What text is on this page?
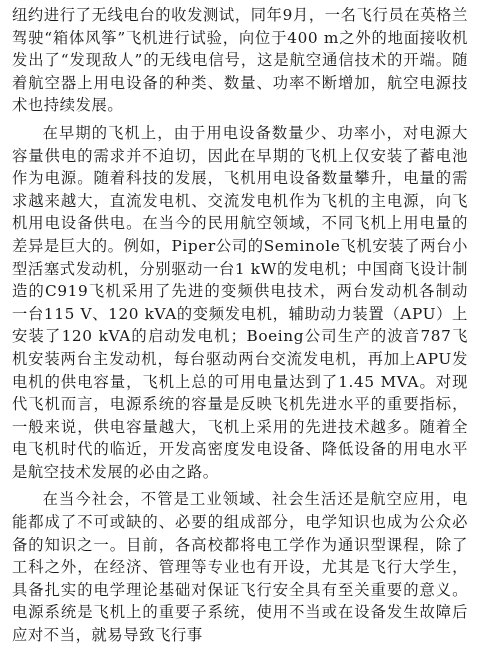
纽约进行了无线电台的收发测试，同年9月，一名飞行员在英格兰驾驶“箱体风筝”飞机进行试验，向位于400 m之外的地面接收机发出了“发现敌人”的无线电信号，这是航空通信技术的开端。随着航空器上用电设备的种类、数量、功率不断增加，航空电源技术也持续发展。

在早期的飞机上，由于用电设备数量少、功率小，对电源大容量供电的需求并不迫切，因此在早期的飞机上仅安装了蓄电池作为电源。随着科技的发展，飞机用电设备数量攀升，电量的需求越来越大，直流发电机、交流发电机作为飞机的主电源，向飞机用电设备供电。在当今的民用航空领域，不同飞机上用电量的差异是巨大的。例如，Piper公司的Seminole飞机安装了两台小型活塞式发动机，分别驱动一台1 kW的发电机；中国商飞设计制造的C919飞机采用了先进的变频供电技术，两台发动机各制动一台115 V、120 kVA的变频发电机，辅助动力装置（APU）上安装了120 kVA的启动发电机；Boeing公司生产的波音787飞机安装两台主发动机，每台驱动两台交流发电机，再加上APU发电机的供电容量，飞机上总的可用电量达到了1.45 MVA。对现代飞机而言，电源系统的容量是反映飞机先进水平的重要指标，一般来说，供电容量越大，飞机上采用的先进技术越多。随着全电飞机时代的临近，开发高密度发电设备、降低设备的用电水平是航空技术发展的必由之路。

在当今社会，不管是工业领域、社会生活还是航空应用，电能都成了不可或缺的、必要的组成部分，电学知识也成为公众必备的知识之一。目前，各高校都将电工学作为通识型课程，除了工科之外，在经济、管理等专业也有开设，尤其是飞行大学生，具备扎实的电学理论基础对保证飞行安全具有至关重要的意义。电源系统是飞机上的重要子系统，使用不当或在设备发生故障后应对不当，就易导致飞行事
